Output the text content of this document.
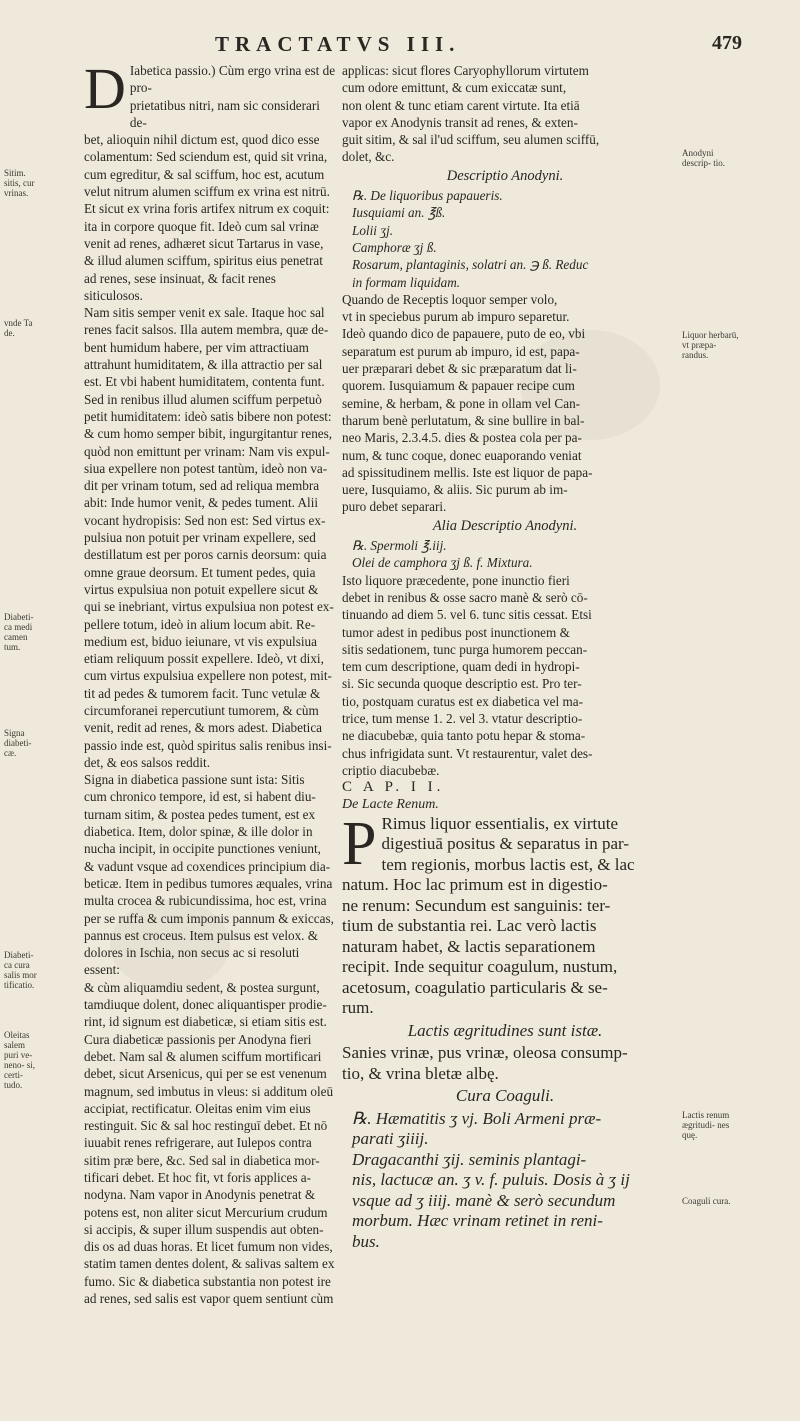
TRACTATVS III.	479
D Iabetica passio.) Cùm ergo vrina est de pro-
prietatibus nitri, nam sic considerari de-
bet, alioquin nihil dictum est, quod dico esse
colamentum: Sed sciendum est, quid sit vrina,
cum egreditur, & sal sciffum, hoc est, acutum
velut nitrum alumen sciffum ex vrina est nitrū.
Et sicut ex vrina foris artifex nitrum ex coquit:
ita in corpore quoque fit. Ideò cum sal vrinæ
venit ad renes, adhæret sicut Tartarus in vase,
& illud alumen sciffum, spiritus eius penetrat
ad renes, sese insinuat, & facit renes siticulosos.
Nam sitis semper venit ex sale. Itaque hoc sal
renes facit salsos. Illa autem membra, quæ de-
bent humidum habere, per vim attractiuam
attrahunt humiditatem, & illa attractio per sal
est. Et vbi habent humiditatem, contenta funt.
Sed in renibus illud alumen sciffum perpetuò
petit humiditatem: ideò satis bibere non potest:
& cum homo semper bibit, ingurgitantur renes,
quòd non emittunt per vrinam: Nam vis expul-
siua expellere non potest tantùm, ideò non va-
dit per vrinam totum, sed ad reliqua membra
abit: Inde humor venit, & pedes tument. Alii
vocant hydropisis: Sed non est: Sed virtus ex-
pulsiua non potuit per vrinam expellere, sed
destillatum est per poros carnis deorsum: quia
omne graue deorsum. Et tument pedes, quia
virtus expulsiua non potuit expellere sicut &
qui se inebriant, virtus expulsiua non potest ex-
pellere totum, ideò in alium locum abit. Re-
medium est, biduo ieiunare, vt vis expulsiua
etiam reliquum possit expellere. Ideò, vt dixi,
cum virtus expulsiua expellere non potest, mit-
tit ad pedes & tumorem facit. Tunc vetulæ &
circumforanei repercutiunt tumorem, & cùm
venit, redit ad renes, & mors adest. Diabetica
passio inde est, quòd spiritus salis renibus insi-
det, & eos salsos reddit.
Signa in diabetica passione sunt ista: Sitis
cum chronico tempore, id est, si habent diu-
turnam sitim, & postea pedes tument, est ex
diabetica. Item, dolor spinæ, & ille dolor in
nucha incipit, in occipite punctiones veniunt,
& vadunt vsque ad coxendices principium dia-
beticæ. Item in pedibus tumores æquales, vrina
multa crocea & rubicundissima, hoc est, vrina
per se ruffa & cum imponis pannum & exiccas,
pannus est croceus. Item pulsus est velox. &
dolores in Ischia, non secus ac si resoluti essent:
& cùm aliquamdiu sedent, & postea surgunt,
tamdiuque dolent, donec aliquantisper prodie-
rint, id signum est diabeticæ, si etiam sitis est.
Cura diabeticæ passionis per Anodyna fieri
debet. Nam sal & alumen sciffum mortificari
debet, sicut Arsenicus, qui per se est venenum
magnum, sed imbutus in vleus: si additum oleū
accipiat, rectificatur. Oleitas enim vim eius
restinguit. Sic & sal hoc restinguī debet. Et nō
iuuabit renes refrigerare, aut Iulepos contra
sitim præ bere, &c. Sed sal in diabetica mor-
tificari debet. Et hoc fit, vt foris applices a-
nodyna. Nam vapor in Anodynis penetrat &
potens est, non aliter sicut Mercurium crudum
si accipis, & super illum suspendis aut obten-
dis os ad duas horas. Et licet fumum non vides,
statim tamen dentes dolent, & salivas saltem ex
fumo. Sic & diabetica substantia non potest ire
ad renes, sed salis est vapor quem sentiunt cùm

applicas: sicut flores Caryophyllorum virtutem
cum odore emittunt, & cum exiccatæ sunt,
non olent & tunc etiam carent virtute. Ita etiā
vapor ex Anodynis transit ad renes, & exten-
guit sitim, & sal il'ud sciffum, seu alumen sciffū,
dolet, &c.

Descriptio Anodyni.

℞. De liquoribus papaueris.
Iusquiami an. ℥ß.
Lolii ʒj.
Camphoræ ʒj ß.
Rosarum, plantaginis, solatri an. ℈ ß. Reduc
in formam liquidam.

Quando de Receptis loquor semper volo,
vt in speciebus purum ab impuro separetur.
Ideò quando dico de papauere, puto de eo, vbi
separatum est purum ab impuro, id est, papa-
uer præparari debet & sic præparatum dat li-
quorem. Iusquiamum & papauer recipe cum
semine, & herbam, & pone in ollam vel Can-
tharum benè perlutatum, & sine bullire in bal-
neo Maris, 2.3.4.5. dies & postea cola per pa-
num, & tunc coque, donec euaporando veniat
ad spissitudinem mellis. Iste est liquor de papa-
uere, Iusquiamo, & aliis. Sic purum ab im-
puro debet separari.

Alia Descriptio Anodyni.

℞. Spermoli ℥.iij.
Olei de camphora ʒj ß. f. Mixtura.

Isto liquore præcedente, pone inunctio fieri
debet in renibus & osse sacro manè & serò cō-
tinuando ad diem 5. vel 6. tunc sitis cessat. Etsi
tumor adest in pedibus post inunctionem &
sitis sedationem, tunc purga humorem peccan-
tem cum descriptione, quam dedi in hydropi-
si. Sic secunda quoque descriptio est. Pro ter-
tio, postquam curatus est ex diabetica vel ma-
trice, tum mense 1. 2. vel 3. vtatur descriptio-
ne diacubebæ, quia tanto potu hepar & stoma-
chus infrigidata sunt. Vt restaurentur, valet des-
criptio diacubebæ.

C A P. I I.

De Lacte Renum.

P Rimus liquor essentialis, ex virtute
digestiuā positus & separatus in par-
tem regionis, morbus lactis est, & lac
natum. Hoc lac primum est in digestio-
ne renum: Secundum est sanguinis: ter-
tium de substantia rei. Lac verò lactis
naturam habet, & lactis separationem
recipit. Inde sequitur coagulum, nustum,
acetosum, coagulatio particularis & se-
rum.

Lactis ægritudines sunt istæ.

Sanies vrinæ, pus vrinæ, oleosa consump-
tio, & vrina bletæ albę.

Cura Coaguli.

℞. Hæmatitis ʒ vj. Boli Armeni præ-
parati ʒiiij.
Dragacanthi ʒij. seminis plantagi-
nis, lactucæ an. ʒ v. f. puluis. Dosis à ʒ ij
vsque ad ʒ iiij. manè & serò secundum
morbum. Hæc vrinam retinet in reni-
bus.

Sitim. sitis, cur vrinas.
vnde Ta de.
Diabeti- ca medi camen tum.
Signa diabeti- cæ.
Diabeti- ca cura salis mor tificatio.
Oleitas salem puri ve- neno- si, certi- tudo.
Anodyni descrip- tio.
Liquor herbarū, vt præpa- randus.
Lactis renum ægritudi- nes quę.
Coaguli cura.
